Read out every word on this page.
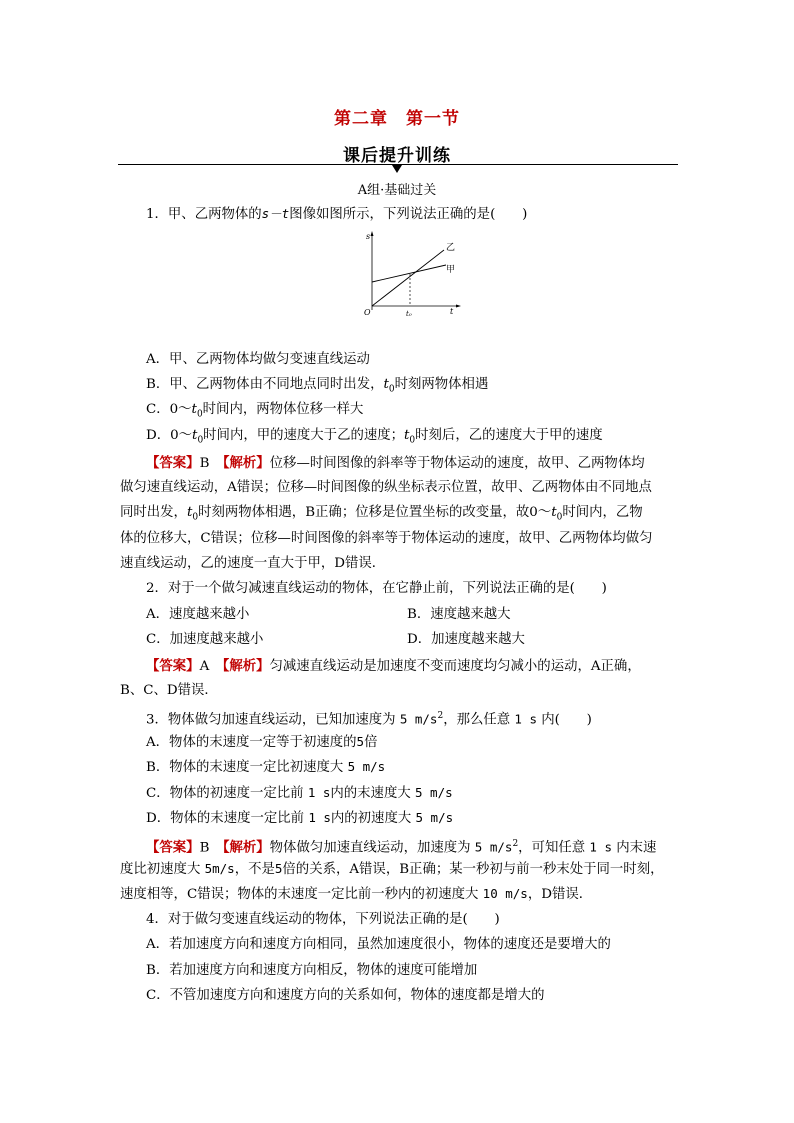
第二章　第一节
课后提升训练
A组·基础过关
1．甲、乙两物体的s－t图像如图所示，下列说法正确的是(　　)
s
O	t₀	t
乙
甲
A．甲、乙两物体均做匀变速直线运动
B．甲、乙两物体由不同地点同时出发，$t_0$时刻两物体相遇
C．$0\sim t_0$时间内，两物体位移一样大
D．$0\sim t_0$时间内，甲的速度大于乙的速度；$t_0$时刻后，乙的速度大于甲的速度
【答案】B　 【解析】位移—时间图像的斜率等于物体运动的速度，故甲、乙两物体均
做匀速直线运动，A错误；位移—时间图像的纵坐标表示位置，故甲、乙两物体由不同地点
同时出发，$t_0$时刻两物体相遇，B正确；位移是位置坐标的改变量，故$0\sim t_0$时间内，乙物
体的位移大，C错误；位移—时间图像的斜率等于物体运动的速度，故甲、乙两物体均做匀
速直线运动，乙的速度一直大于甲，D错误．
2．对于一个做匀减速直线运动的物体，在它静止前，下列说法正确的是(　　)
A．速度越来越小	B．速度越来越大
C．加速度越来越小	D．加速度越来越大
【答案】A　 【解析】匀减速直线运动是加速度不变而速度均匀减小的运动，A正确，
B、C、D错误．
3．物体做匀加速直线运动，已知加速度为 5 $m/s^2$，那么任意 1 s 内(　　)
A．物体的末速度一定等于初速度的5倍
B．物体的末速度一定比初速度大 5 m/s
C．物体的初速度一定比前 1 s内的末速度大 5 m/s
D．物体的末速度一定比前 1 s内的初速度大 5 m/s
【答案】B　 【解析】物体做匀加速直线运动，加速度为 5 $m/s^2$，可知任意 1 s 内末速
度比初速度大 5m/s，不是5倍的关系，A错误，B正确；某一秒初与前一秒末处于同一时刻，
速度相等，C错误；物体的末速度一定比前一秒内的初速度大 10 m/s，D错误．
4．对于做匀变速直线运动的物体，下列说法正确的是(　　)
A．若加速度方向和速度方向相同，虽然加速度很小，物体的速度还是要增大的
B．若加速度方向和速度方向相反，物体的速度可能增加
C．不管加速度方向和速度方向的关系如何，物体的速度都是增大的
